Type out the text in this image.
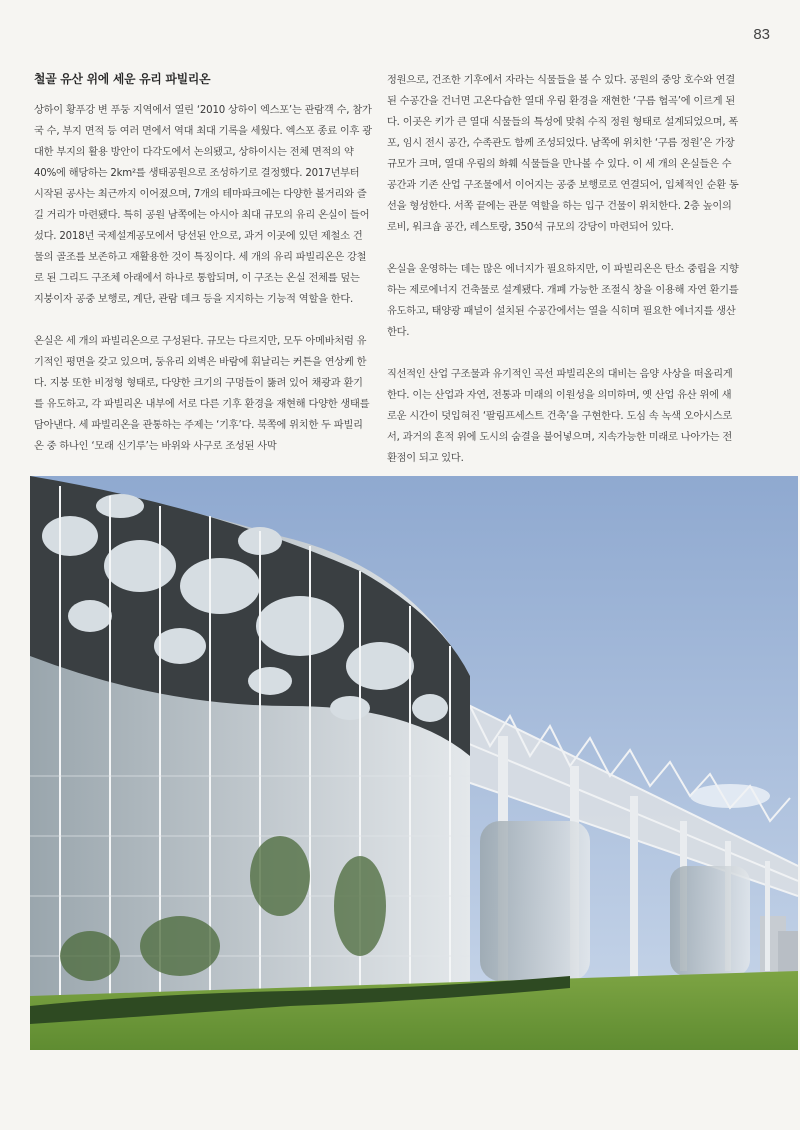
83
철골 유산 위에 세운 유리 파빌리온

상하이 황푸강 변 푸둥 지역에서 열린 ‘2010 상하이 엑스포’는 관람객 수, 참가국 수, 부지 면적 등 여러 면에서 역대 최대 기록을 세웠다. 엑스포 종료 이후 광대한 부지의 활용 방안이 다각도에서 논의됐고, 상하이시는 전체 면적의 약 40%에 해당하는 2km²를 생태공원으로 조성하기로 결정했다. 2017년부터 시작된 공사는 최근까지 이어졌으며, 7개의 테마파크에는 다양한 볼거리와 즐길 거리가 마련됐다. 특히 공원 남쪽에는 아시아 최대 규모의 유리 온실이 들어섰다. 2018년 국제설계공모에서 당선된 안으로, 과거 이곳에 있던 제철소 건물의 골조를 보존하고 재활용한 것이 특징이다. 세 개의 유리 파빌리온은 강철로 된 그리드 구조체 아래에서 하나로 통합되며, 이 구조는 온실 전체를 덮는 지붕이자 공중 보행로, 계단, 관람 데크 등을 지지하는 기능적 역할을 한다.

온실은 세 개의 파빌리온으로 구성된다. 규모는 다르지만, 모두 아메바처럼 유기적인 평면을 갖고 있으며, 둥유리 외벽은 바람에 휘날리는 커튼을 연상케 한다. 지붕 또한 비정형 형태로, 다양한 크기의 구멍들이 뚫려 있어 채광과 환기를 유도하고, 각 파빌리온 내부에 서로 다른 기후 환경을 재현해 다양한 생태를 담아낸다. 세 파빌리온을 관통하는 주제는 ‘기후’다. 북쪽에 위치한 두 파빌리온 중 하나인 ‘모래 신기루’는 바위와 사구로 조성된 사막

정원으로, 건조한 기후에서 자라는 식물들을 볼 수 있다. 공원의 중앙 호수와 연결된 수공간을 건너면 고온다습한 열대 우림 환경을 재현한 ‘구름 협곡’에 이르게 된다. 이곳은 키가 큰 열대 식물들의 특성에 맞춰 수직 정원 형태로 설계되었으며, 폭포, 임시 전시 공간, 수족관도 함께 조성되었다. 남쪽에 위치한 ‘구름 정원’은 가장 규모가 크며, 열대 우림의 화훼 식물들을 만나볼 수 있다. 이 세 개의 온실들은 수공간과 기존 산업 구조물에서 이어지는 공중 보행로로 연결되어, 입체적인 순환 동선을 형성한다. 서쪽 끝에는 관문 역할을 하는 입구 건물이 위치한다. 2층 높이의 로비, 워크숍 공간, 레스토랑, 350석 규모의 강당이 마련되어 있다.

온실을 운영하는 데는 많은 에너지가 필요하지만, 이 파빌리온은 탄소 중립을 지향하는 제로에너지 건축물로 설계됐다. 개폐 가능한 조절식 창을 이용해 자연 환기를 유도하고, 태양광 패널이 설치된 수공간에서는 열을 식히며 필요한 에너지를 생산한다.

직선적인 산업 구조물과 유기적인 곡선 파빌리온의 대비는 음양 사상을 떠올리게 한다. 이는 산업과 자연, 전통과 미래의 이원성을 의미하며, 옛 산업 유산 위에 새로운 시간이 덧입혀진 ‘팔림프세스트 건축’을 구현한다. 도심 속 녹색 오아시스로서, 과거의 흔적 위에 도시의 숨결을 불어넣으며, 지속가능한 미래로 나아가는 전환점이 되고 있다.
